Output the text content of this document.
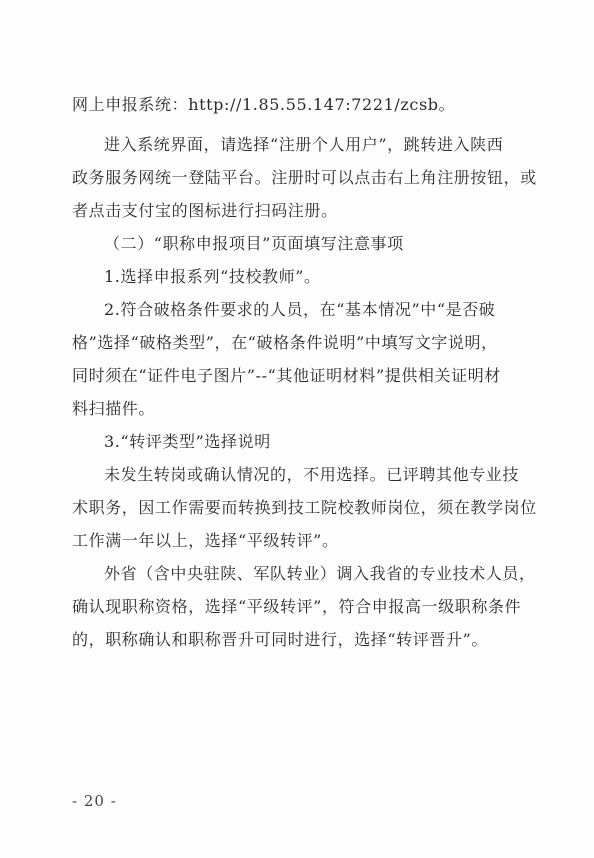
网上申报系统：http://1.85.55.147:7221/zcsb。
进入系统界面，请选择“注册个人用户”，跳转进入陕西
政务服务网统一登陆平台。注册时可以点击右上角注册按钮，或
者点击支付宝的图标进行扫码注册。
（二）“职称申报项目”页面填写注意事项
1.选择申报系列“技校教师”。
2.符合破格条件要求的人员，在“基本情况”中“是否破
格”选择“破格类型”，在“破格条件说明”中填写文字说明，
同时须在“证件电子图片”--“其他证明材料”提供相关证明材
料扫描件。
3.“转评类型”选择说明
未发生转岗或确认情况的，不用选择。已评聘其他专业技
术职务，因工作需要而转换到技工院校教师岗位，须在教学岗位
工作满一年以上，选择“平级转评”。
外省（含中央驻陕、军队转业）调入我省的专业技术人员，
确认现职称资格，选择“平级转评”，符合申报高一级职称条件
的，职称确认和职称晋升可同时进行，选择“转评晋升”。
- 20 -
